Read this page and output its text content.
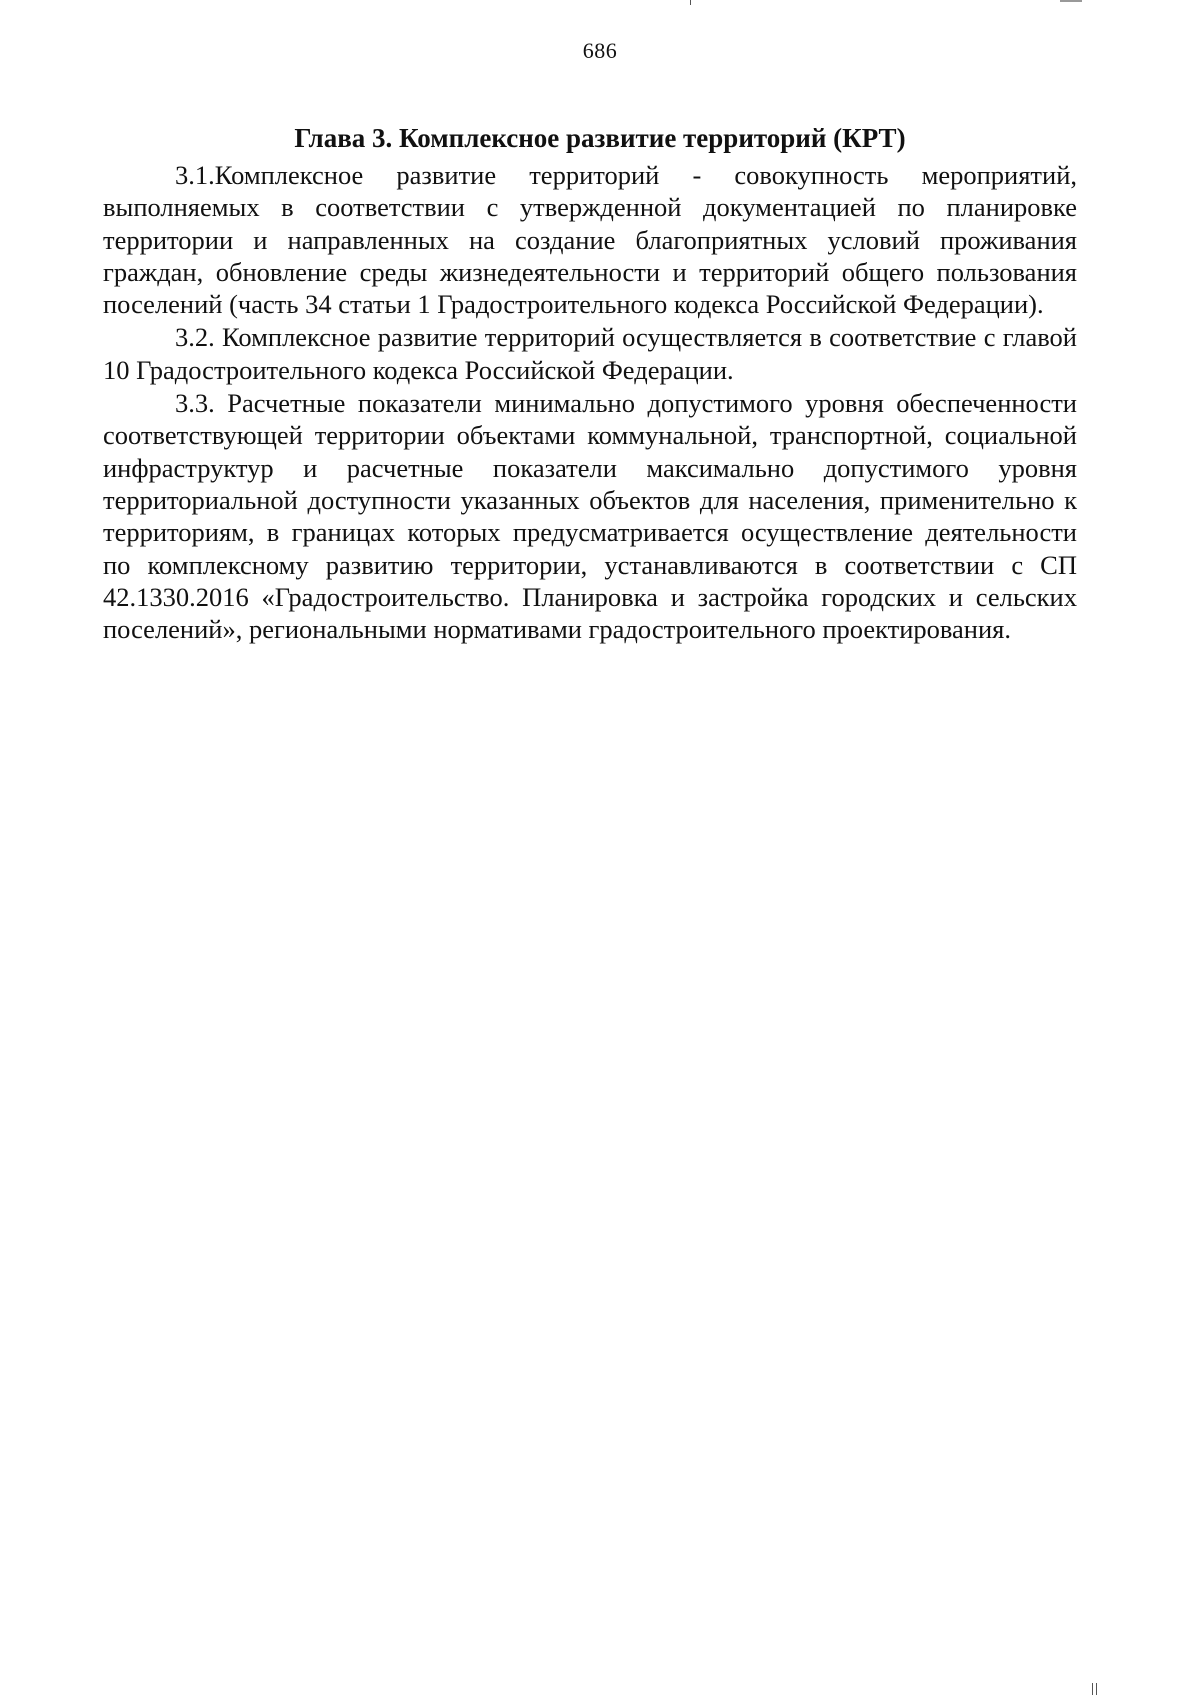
686
Глава 3. Комплексное развитие территорий (КРТ)

3.1.Комплексное развитие территорий - совокупность мероприятий, выполняемых в соответствии с утвержденной документацией по планировке территории и направленных на создание благоприятных условий проживания граждан, обновление среды жизнедеятельности и территорий общего пользования поселений (часть 34 статьи 1 Градостроительного кодекса Российской Федерации).

3.2. Комплексное развитие территорий осуществляется в соответствие с главой 10 Градостроительного кодекса Российской Федерации.

3.3. Расчетные показатели минимально допустимого уровня обеспеченности соответствующей территории объектами коммунальной, транспортной, социальной инфраструктур и расчетные показатели максимально допустимого уровня территориальной доступности указанных объектов для населения, применительно к территориям, в границах которых предусматривается осуществление деятельности по комплексному развитию территории, устанавливаются в соответствии с СП 42.1330.2016 «Градостроительство. Планировка и застройка городских и сельских поселений», региональными нормативами градостроительного проектирования.
